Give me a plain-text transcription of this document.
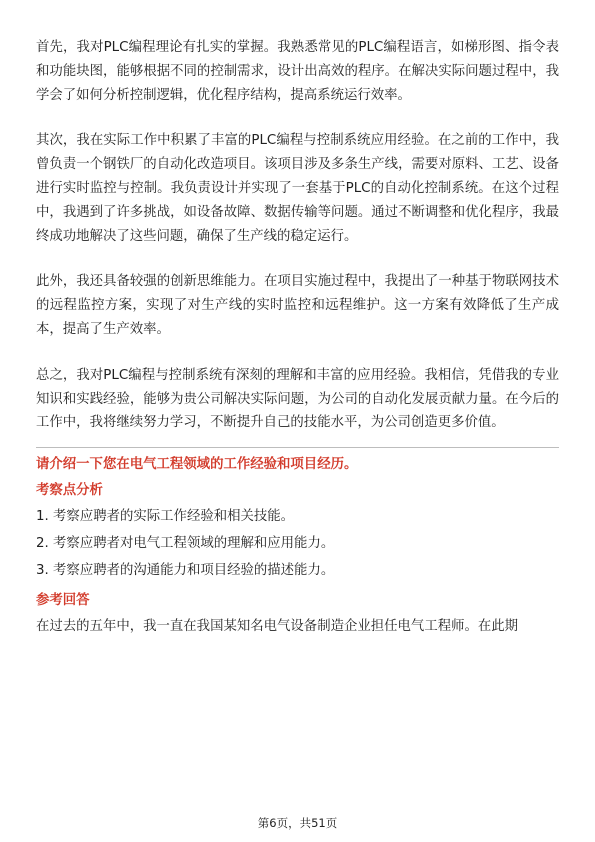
首先，我对PLC编程理论有扎实的掌握。我熟悉常见的PLC编程语言，如梯形图、指令表和功能块图，能够根据不同的控制需求，设计出高效的程序。在解决实际问题过程中，我学会了如何分析控制逻辑，优化程序结构，提高系统运行效率。

其次，我在实际工作中积累了丰富的PLC编程与控制系统应用经验。在之前的工作中，我曾负责一个钢铁厂的自动化改造项目。该项目涉及多条生产线，需要对原料、工艺、设备进行实时监控与控制。我负责设计并实现了一套基于PLC的自动化控制系统。在这个过程中，我遇到了许多挑战，如设备故障、数据传输等问题。通过不断调整和优化程序，我最终成功地解决了这些问题，确保了生产线的稳定运行。

此外，我还具备较强的创新思维能力。在项目实施过程中，我提出了一种基于物联网技术的远程监控方案，实现了对生产线的实时监控和远程维护。这一方案有效降低了生产成本，提高了生产效率。

总之，我对PLC编程与控制系统有深刻的理解和丰富的应用经验。我相信，凭借我的专业知识和实践经验，能够为贵公司解决实际问题，为公司的自动化发展贡献力量。在今后的工作中，我将继续努力学习，不断提升自己的技能水平，为公司创造更多价值。

请介绍一下您在电气工程领域的工作经验和项目经历。
考察点分析
1. 考察应聘者的实际工作经验和相关技能。
2. 考察应聘者对电气工程领域的理解和应用能力。
3. 考察应聘者的沟通能力和项目经验的描述能力。
参考回答
在过去的五年中，我一直在我国某知名电气设备制造企业担任电气工程师。在此期
第6页，共51页
